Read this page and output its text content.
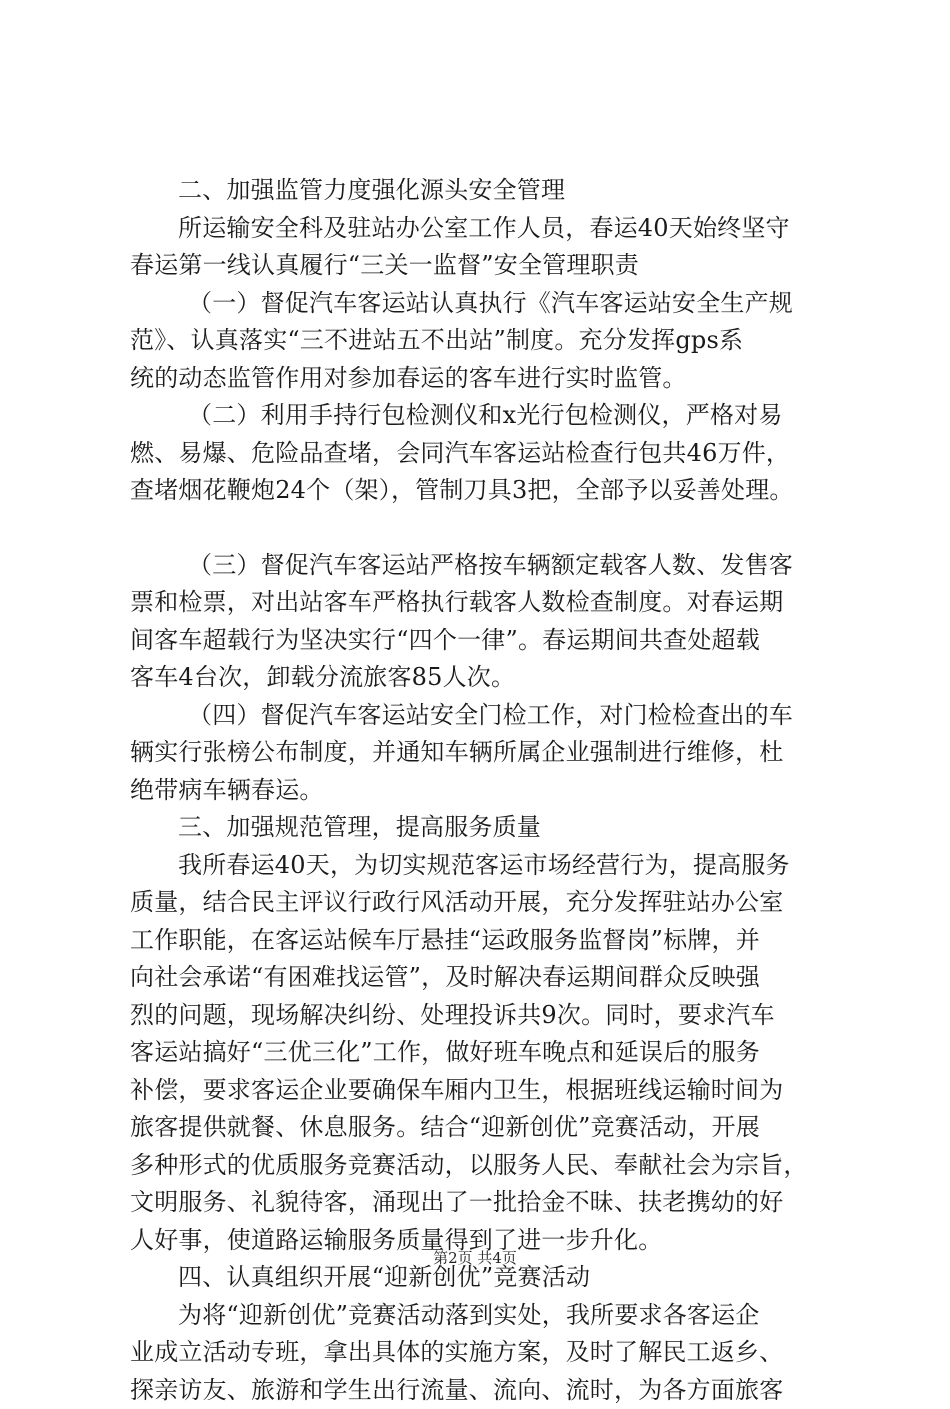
二、加强监管力度强化源头安全管理
所运输安全科及驻站办公室工作人员，春运40天始终坚守
春运第一线认真履行“三关一监督”安全管理职责
（一）督促汽车客运站认真执行《汽车客运站安全生产规
范》、认真落实“三不进站五不出站”制度。充分发挥gps系
统的动态监管作用对参加春运的客车进行实时监管。
（二）利用手持行包检测仪和x光行包检测仪，严格对易
燃、易爆、危险品查堵，会同汽车客运站检查行包共46万件，
查堵烟花鞭炮24个（架），管制刀具3把，全部予以妥善处理。
（三）督促汽车客运站严格按车辆额定载客人数、发售客
票和检票，对出站客车严格执行载客人数检查制度。对春运期
间客车超载行为坚决实行“四个一律”。春运期间共查处超载
客车4台次，卸载分流旅客85人次。
（四）督促汽车客运站安全门检工作，对门检检查出的车
辆实行张榜公布制度，并通知车辆所属企业强制进行维修，杜
绝带病车辆春运。
三、加强规范管理，提高服务质量
我所春运40天，为切实规范客运市场经营行为，提高服务
质量，结合民主评议行政行风活动开展，充分发挥驻站办公室
工作职能，在客运站候车厅悬挂“运政服务监督岗”标牌，并
向社会承诺“有困难找运管”，及时解决春运期间群众反映强
烈的问题，现场解决纠纷、处理投诉共9次。同时，要求汽车
客运站搞好“三优三化”工作，做好班车晚点和延误后的服务
补偿，要求客运企业要确保车厢内卫生，根据班线运输时间为
旅客提供就餐、休息服务。结合“迎新创优”竞赛活动，开展
多种形式的优质服务竞赛活动，以服务人民、奉献社会为宗旨，
文明服务、礼貌待客，涌现出了一批拾金不昧、扶老携幼的好
人好事，使道路运输服务质量得到了进一步升化。
四、认真组织开展“迎新创优”竞赛活动
为将“迎新创优”竞赛活动落到实处，我所要求各客运企
业成立活动专班，拿出具体的实施方案，及时了解民工返乡、
探亲访友、旅游和学生出行流量、流向、流时，为各方面旅客
第2页 共4页
